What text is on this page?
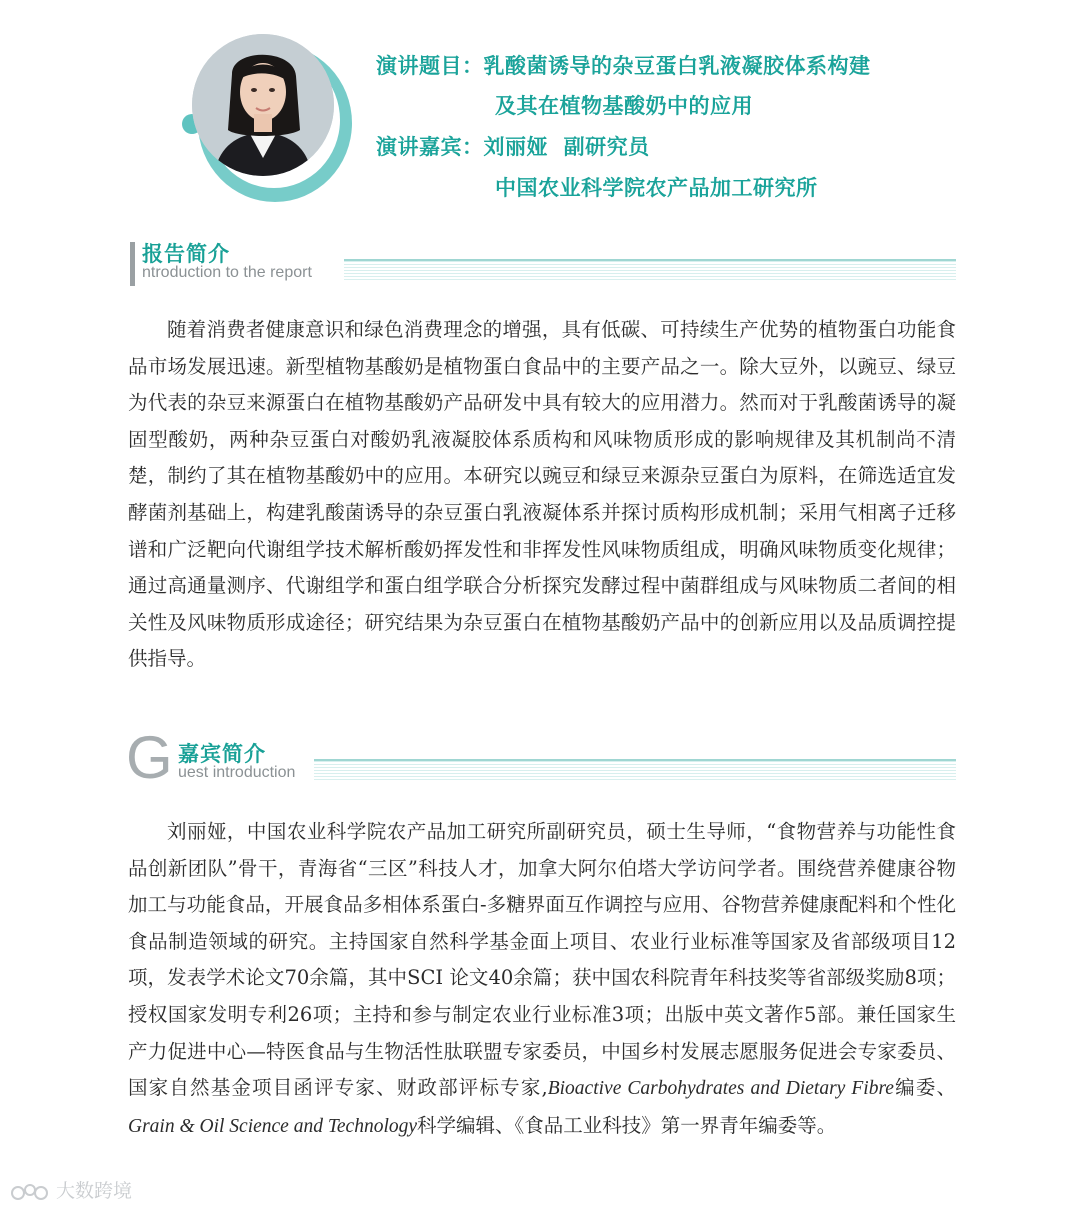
演讲题目：乳酸菌诱导的杂豆蛋白乳液凝胶体系构建
及其在植物基酸奶中的应用
演讲嘉宾：刘丽娅  副研究员
中国农业科学院农产品加工研究所
报告简介
ntroduction to the report

随着消费者健康意识和绿色消费理念的增强，具有低碳、可持续生产优势的植物蛋白功能食品市场发展迅速。新型植物基酸奶是植物蛋白食品中的主要产品之一。除大豆外，以豌豆、绿豆为代表的杂豆来源蛋白在植物基酸奶产品研发中具有较大的应用潜力。然而对于乳酸菌诱导的凝固型酸奶，两种杂豆蛋白对酸奶乳液凝胶体系质构和风味物质形成的影响规律及其机制尚不清楚，制约了其在植物基酸奶中的应用。本研究以豌豆和绿豆来源杂豆蛋白为原料，在筛选适宜发酵菌剂基础上，构建乳酸菌诱导的杂豆蛋白乳液凝体系并探讨质构形成机制；采用气相离子迁移谱和广泛靶向代谢组学技术解析酸奶挥发性和非挥发性风味物质组成，明确风味物质变化规律；通过高通量测序、代谢组学和蛋白组学联合分析探究发酵过程中菌群组成与风味物质二者间的相关性及风味物质形成途径；研究结果为杂豆蛋白在植物基酸奶产品中的创新应用以及品质调控提供指导。

G 嘉宾简介
uest introduction

刘丽娅，中国农业科学院农产品加工研究所副研究员，硕士生导师，“食物营养与功能性食品创新团队”骨干，青海省“三区”科技人才，加拿大阿尔伯塔大学访问学者。围绕营养健康谷物加工与功能食品，开展食品多相体系蛋白-多糖界面互作调控与应用、谷物营养健康配料和个性化食品制造领域的研究。主持国家自然科学基金面上项目、农业行业标准等国家及省部级项目12项，发表学术论文70余篇，其中SCI 论文40余篇；获中国农科院青年科技奖等省部级奖励8项；授权国家发明专利26项；主持和参与制定农业行业标准3项；出版中英文著作5部。兼任国家生产力促进中心—特医食品与生物活性肽联盟专家委员，中国乡村发展志愿服务促进会专家委员、国家自然基金项目函评专家、财政部评标专家,Bioactive Carbohydrates and Dietary Fibre编委、Grain & Oil Science and Technology科学编辑、《食品工业科技》第一界青年编委等。

大数跨境
